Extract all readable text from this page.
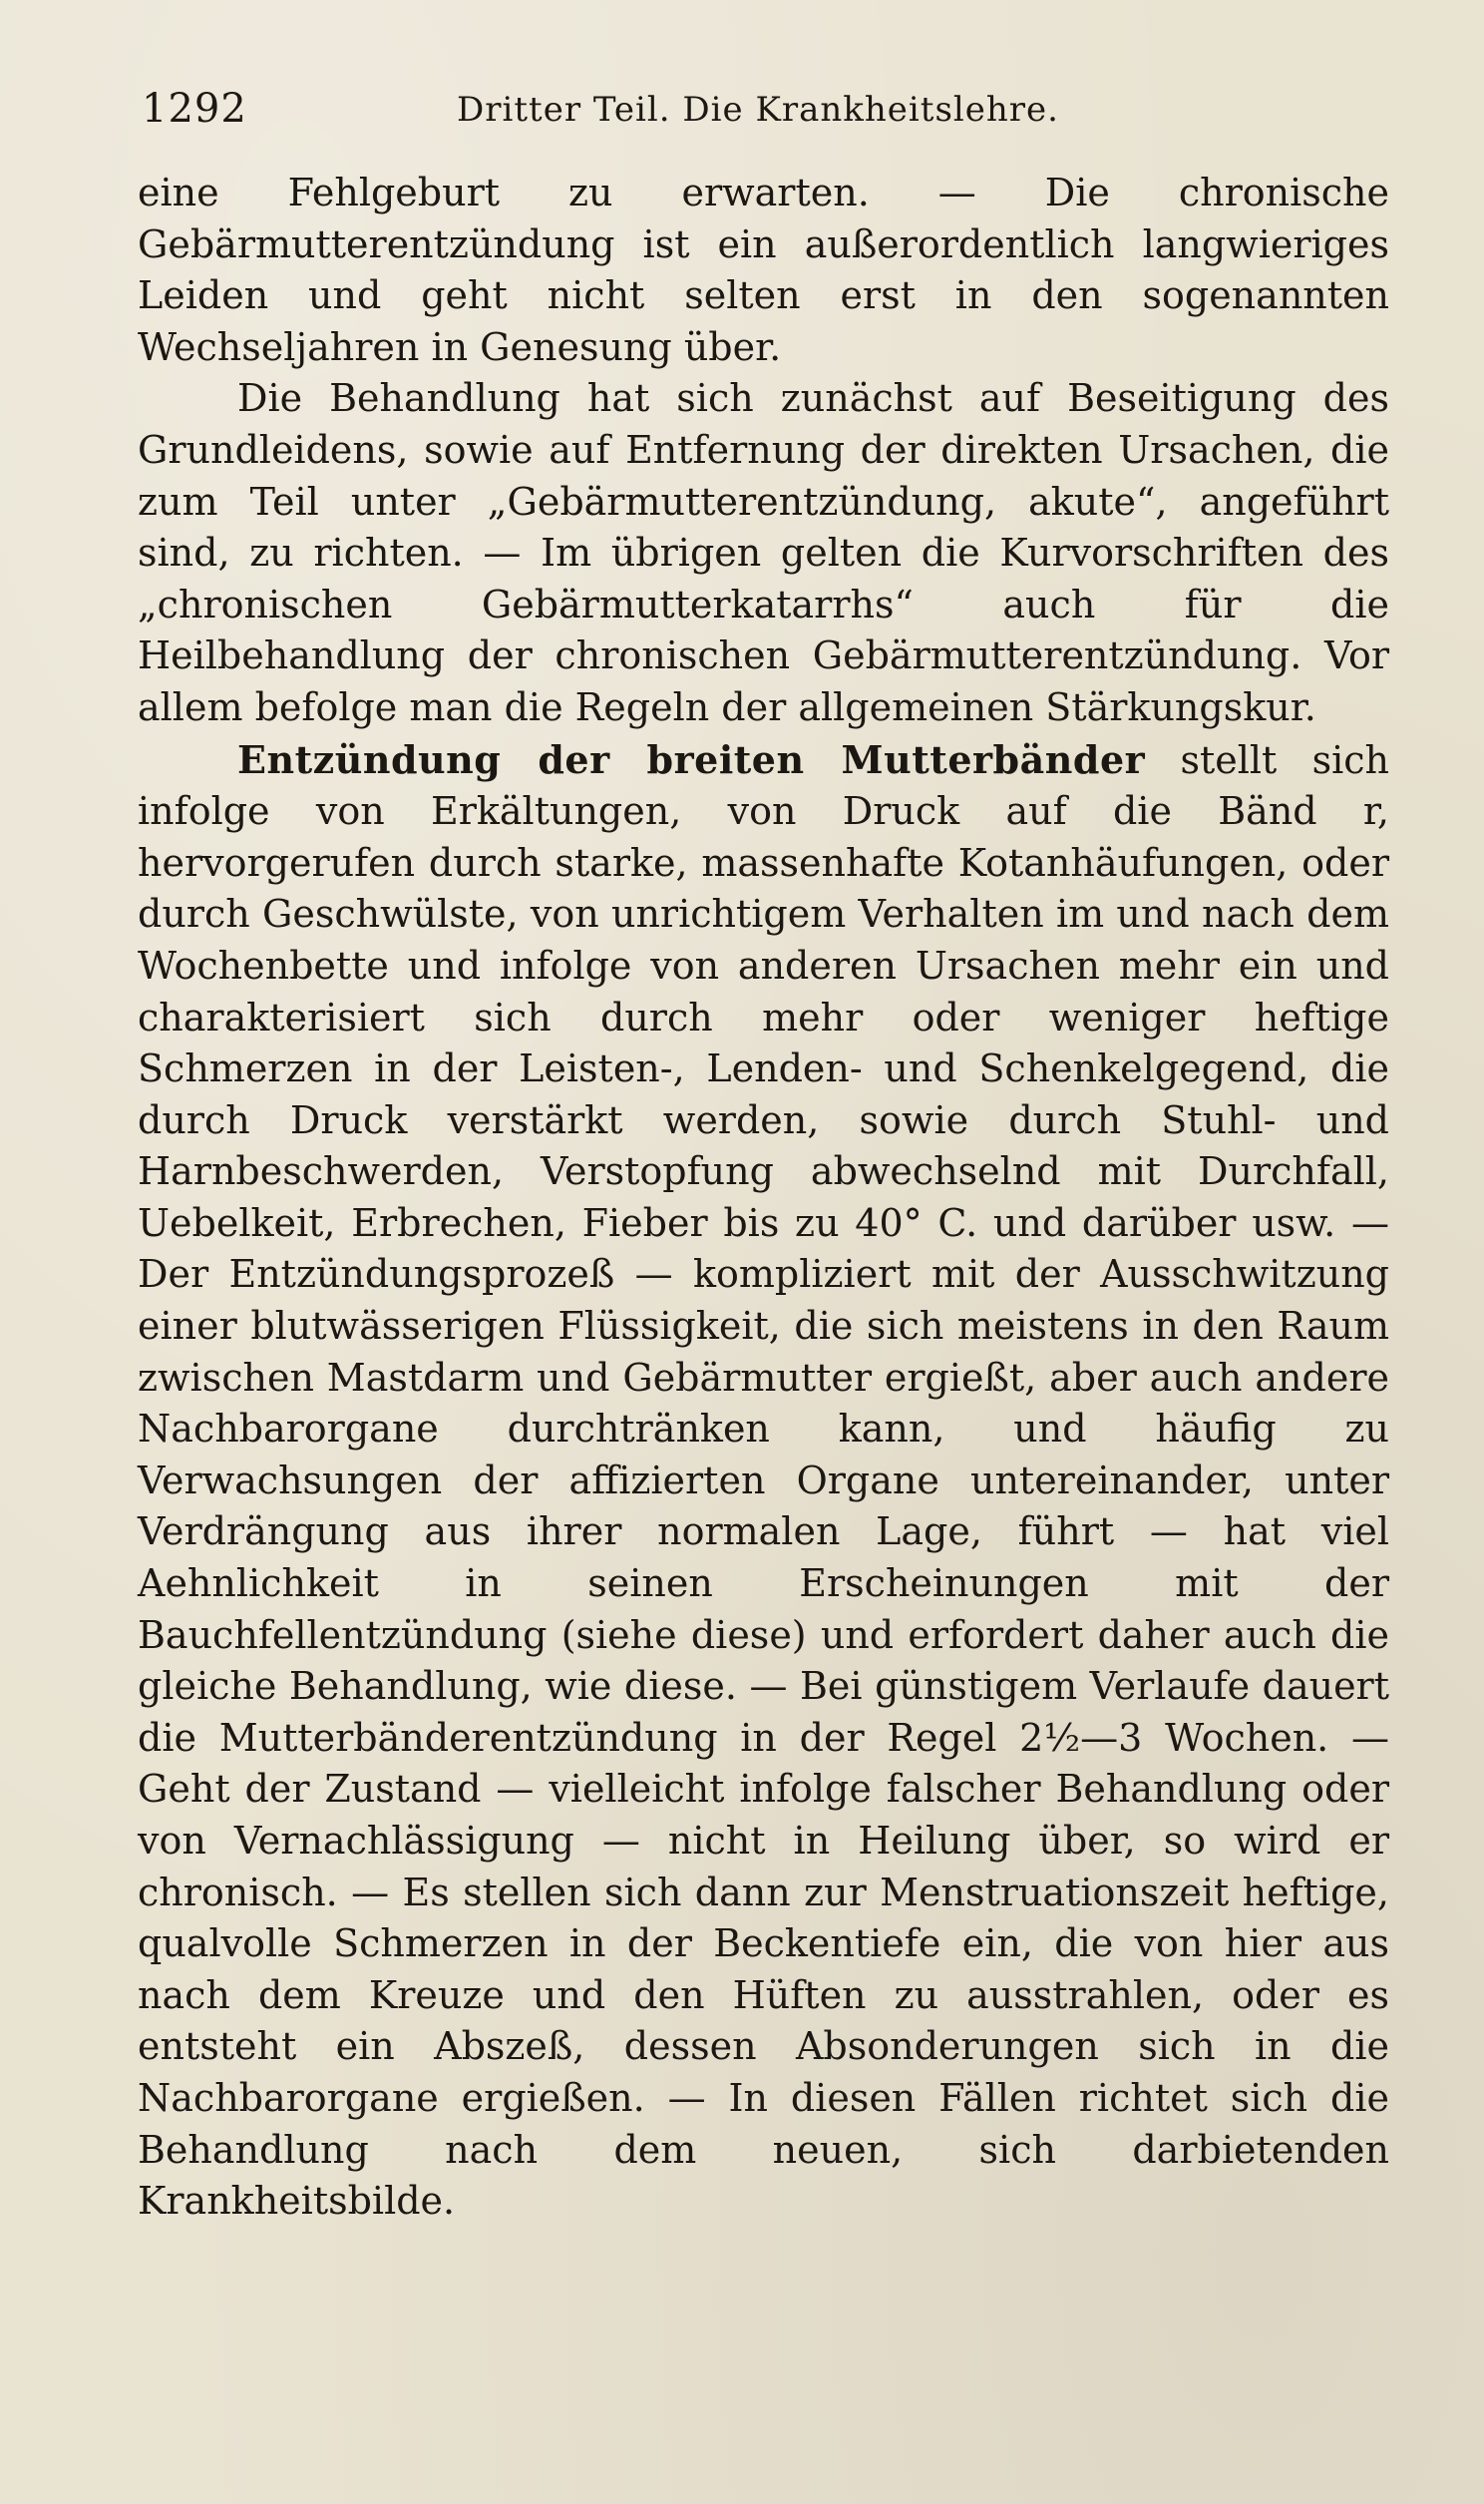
1292	Dritter Teil. Die Krankheitslehre.

eine Fehlgeburt zu erwarten. — Die chronische Gebärmutterentzündung ist ein außerordentlich langwieriges Leiden und geht nicht selten erst in den sogenannten Wechseljahren in Genesung über.

Die Behandlung hat sich zunächst auf Beseitigung des Grundleidens, sowie auf Entfernung der direkten Ursachen, die zum Teil unter „Gebärmutterentzündung, akute“, angeführt sind, zu richten. — Im übrigen gelten die Kurvorschriften des „chronischen Gebärmutterkatarrhs“ auch für die Heilbehandlung der chronischen Gebärmutterentzündung. Vor allem befolge man die Regeln der allgemeinen Stärkungskur.

Entzündung der breiten Mutterbänder stellt sich infolge von Erkältungen, von Druck auf die Bänd r, hervorgerufen durch starke, massenhafte Kotanhäufungen, oder durch Geschwülste, von unrichtigem Verhalten im und nach dem Wochenbette und infolge von anderen Ursachen mehr ein und charakterisiert sich durch mehr oder weniger heftige Schmerzen in der Leisten-, Lenden- und Schenkelgegend, die durch Druck verstärkt werden, sowie durch Stuhl- und Harnbeschwerden, Verstopfung abwechselnd mit Durchfall, Uebelkeit, Erbrechen, Fieber bis zu 40° C. und darüber usw. — Der Entzündungsprozeß — kompliziert mit der Ausschwitzung einer blutwässerigen Flüssigkeit, die sich meistens in den Raum zwischen Mastdarm und Gebärmutter ergießt, aber auch andere Nachbarorgane durchtränken kann, und häufig zu Verwachsungen der affizierten Organe untereinander, unter Verdrängung aus ihrer normalen Lage, führt — hat viel Aehnlichkeit in seinen Erscheinungen mit der Bauchfellentzündung (siehe diese) und erfordert daher auch die gleiche Behandlung, wie diese. — Bei günstigem Verlaufe dauert die Mutterbänderentzündung in der Regel 2½—3 Wochen. — Geht der Zustand — vielleicht infolge falscher Behandlung oder von Vernachlässigung — nicht in Heilung über, so wird er chronisch. — Es stellen sich dann zur Menstruationszeit heftige, qualvolle Schmerzen in der Beckentiefe ein, die von hier aus nach dem Kreuze und den Hüften zu ausstrahlen, oder es entsteht ein Abszeß, dessen Absonderungen sich in die Nachbarorgane ergießen. — In diesen Fällen richtet sich die Behandlung nach dem neuen, sich darbietenden Krankheitsbilde.
